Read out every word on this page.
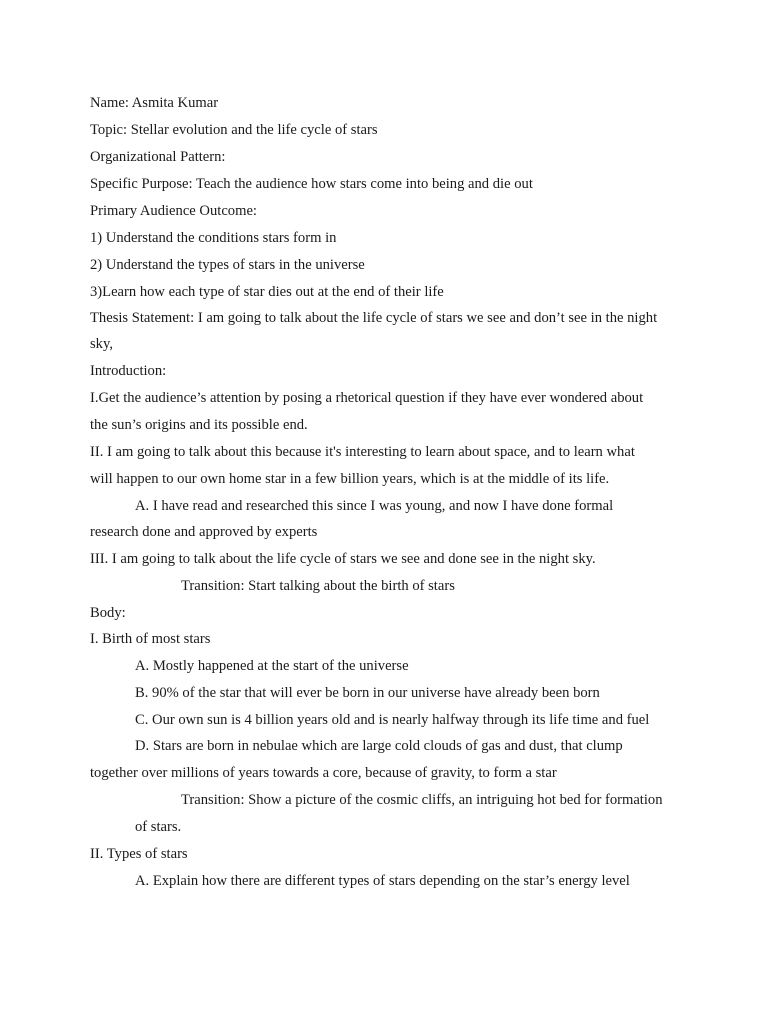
Name: Asmita Kumar
Topic: Stellar evolution and the life cycle of stars
Organizational Pattern:
Specific Purpose: Teach the audience how stars come into being and die out
Primary Audience Outcome:
1) Understand the conditions stars form in
2) Understand the types of stars in the universe
3)Learn how each type of star dies out at the end of their life
Thesis Statement: I am going to talk about the life cycle of stars we see and don’t see in the night
sky,
Introduction:
I.Get the audience’s attention by posing a rhetorical question if they have ever wondered about
the sun’s origins and its possible end.
II. I am going to talk about this because it's interesting to learn about space, and to learn what
will happen to our own home star in a few billion years, which is at the middle of its life.
A. I have read and researched this since I was young, and now I have done formal
research done and approved by experts
III. I am going to talk about the life cycle of stars we see and done see in the night sky.
Transition: Start talking about the birth of stars
Body:
I. Birth of most stars
A. Mostly happened at the start of the universe
B. 90% of the star that will ever be born in our universe have already been born
C. Our own sun is 4 billion years old and is nearly halfway through its life time and fuel
D. Stars are born in nebulae which are large cold clouds of gas and dust, that clump
together over millions of years towards a core, because of gravity, to form a star
Transition: Show a picture of the cosmic cliffs, an intriguing hot bed for formation
of stars.
II. Types of stars
A. Explain how there are different types of stars depending on the star’s energy level
